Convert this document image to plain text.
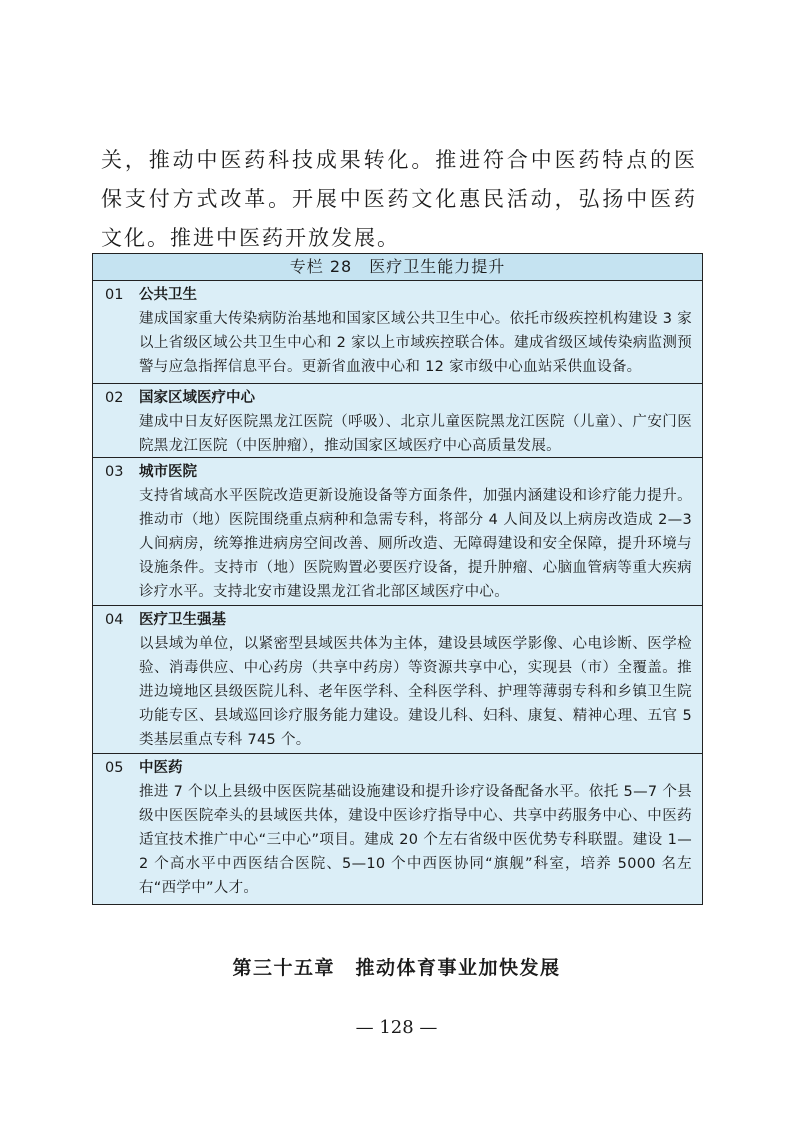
关，推动中医药科技成果转化。推进符合中医药特点的医保支付方式改革。开展中医药文化惠民活动，弘扬中医药文化。推进中医药开放发展。

专栏 28　医疗卫生能力提升
01	公共卫生

建成国家重大传染病防治基地和国家区域公共卫生中心。依托市级疾控机构建设 3 家以上省级区域公共卫生中心和 2 家以上市域疾控联合体。建成省级区域传染病监测预警与应急指挥信息平台。更新省血液中心和 12 家市级中心血站采供血设备。

02	国家区域医疗中心

建成中日友好医院黑龙江医院（呼吸）、北京儿童医院黑龙江医院（儿童）、广安门医院黑龙江医院（中医肿瘤），推动国家区域医疗中心高质量发展。

03	城市医院

支持省域高水平医院改造更新设施设备等方面条件，加强内涵建设和诊疗能力提升。推动市（地）医院围绕重点病种和急需专科，将部分 4 人间及以上病房改造成 2—3 人间病房，统筹推进病房空间改善、厕所改造、无障碍建设和安全保障，提升环境与设施条件。支持市（地）医院购置必要医疗设备，提升肿瘤、心脑血管病等重大疾病诊疗水平。支持北安市建设黑龙江省北部区域医疗中心。

04	医疗卫生强基

以县域为单位，以紧密型县域医共体为主体，建设县域医学影像、心电诊断、医学检验、消毒供应、中心药房（共享中药房）等资源共享中心，实现县（市）全覆盖。推进边境地区县级医院儿科、老年医学科、全科医学科、护理等薄弱专科和乡镇卫生院功能专区、县域巡回诊疗服务能力建设。建设儿科、妇科、康复、精神心理、五官 5 类基层重点专科 745 个。

05	中医药

推进 7 个以上县级中医医院基础设施建设和提升诊疗设备配备水平。依托 5—7 个县级中医医院牵头的县域医共体，建设中医诊疗指导中心、共享中药服务中心、中医药适宜技术推广中心“三中心”项目。建成 20 个左右省级中医优势专科联盟。建设 1—2 个高水平中西医结合医院、5—10 个中西医协同“旗舰”科室，培养 5000 名左右“西学中”人才。

第三十五章　推动体育事业加快发展
— 128 —
